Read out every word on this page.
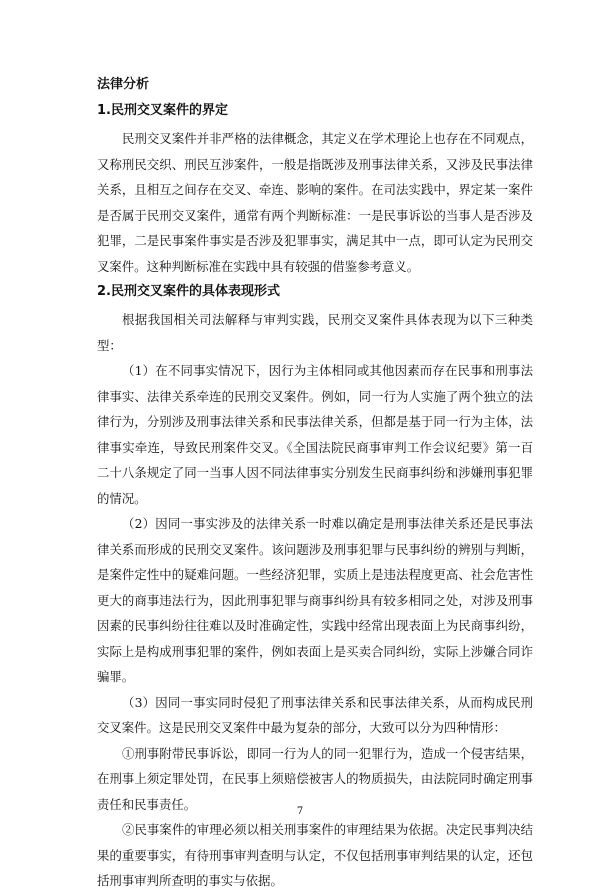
法律分析
1.民刑交叉案件的界定

民刑交叉案件并非严格的法律概念，其定义在学术理论上也存在不同观点，又称刑民交织、刑民互涉案件，一般是指既涉及刑事法律关系，又涉及民事法律关系，且相互之间存在交叉、牵连、影响的案件。在司法实践中，界定某一案件是否属于民刑交叉案件，通常有两个判断标准：一是民事诉讼的当事人是否涉及犯罪，二是民事案件事实是否涉及犯罪事实，满足其中一点，即可认定为民刑交叉案件。这种判断标准在实践中具有较强的借鉴参考意义。

2.民刑交叉案件的具体表现形式

根据我国相关司法解释与审判实践，民刑交叉案件具体表现为以下三种类型：

（1）在不同事实情况下，因行为主体相同或其他因素而存在民事和刑事法律事实、法律关系牵连的民刑交叉案件。例如，同一行为人实施了两个独立的法律行为，分别涉及刑事法律关系和民事法律关系，但都是基于同一行为主体，法律事实牵连，导致民刑案件交叉。《全国法院民商事审判工作会议纪要》第一百二十八条规定了同一当事人因不同法律事实分别发生民商事纠纷和涉嫌刑事犯罪的情况。

（2）因同一事实涉及的法律关系一时难以确定是刑事法律关系还是民事法律关系而形成的民刑交叉案件。该问题涉及刑事犯罪与民事纠纷的辨别与判断，是案件定性中的疑难问题。一些经济犯罪，实质上是违法程度更高、社会危害性更大的商事违法行为，因此刑事犯罪与商事纠纷具有较多相同之处，对涉及刑事因素的民事纠纷往往难以及时准确定性，实践中经常出现表面上为民商事纠纷，实际上是构成刑事犯罪的案件，例如表面上是买卖合同纠纷，实际上涉嫌合同诈骗罪。

（3）因同一事实同时侵犯了刑事法律关系和民事法律关系，从而构成民刑交叉案件。这是民刑交叉案件中最为复杂的部分，大致可以分为四种情形：

①刑事附带民事诉讼，即同一行为人的同一犯罪行为，造成一个侵害结果，在刑事上须定罪处罚，在民事上须赔偿被害人的物质损失，由法院同时确定刑事责任和民事责任。

②民事案件的审理必须以相关刑事案件的审理结果为依据。决定民事判决结果的重要事实，有待刑事审判查明与认定，不仅包括刑事审判结果的认定，还包括刑事审判所查明的事实与依据。

7
